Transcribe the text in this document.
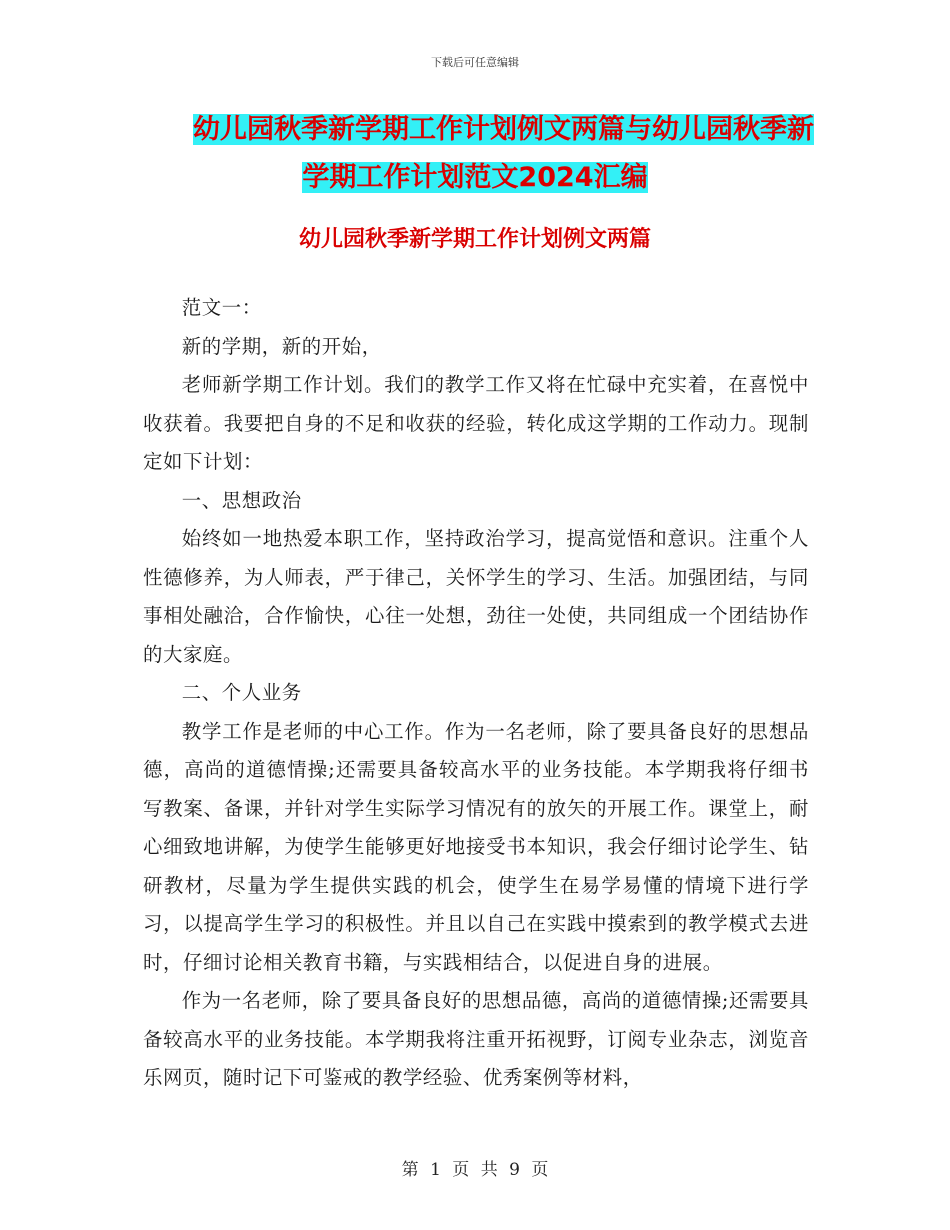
下载后可任意编辑
幼儿园秋季新学期工作计划例文两篇与幼儿园秋季新
学期工作计划范文2024汇编
幼儿园秋季新学期工作计划例文两篇

范文一：

新的学期，新的开始，

老师新学期工作计划。我们的教学工作又将在忙碌中充实着，在喜悦中收获着。我要把自身的不足和收获的经验，转化成这学期的工作动力。现制定如下计划：

一、思想政治

始终如一地热爱本职工作，坚持政治学习，提高觉悟和意识。注重个人性德修养，为人师表，严于律己，关怀学生的学习、生活。加强团结，与同事相处融洽，合作愉快，心往一处想，劲往一处使，共同组成一个团结协作的大家庭。

二、个人业务

教学工作是老师的中心工作。作为一名老师，除了要具备良好的思想品德，高尚的道德情操;还需要具备较高水平的业务技能。本学期我将仔细书写教案、备课，并针对学生实际学习情况有的放矢的开展工作。课堂上，耐心细致地讲解，为使学生能够更好地接受书本知识，我会仔细讨论学生、钻研教材，尽量为学生提供实践的机会，使学生在易学易懂的情境下进行学习，以提高学生学习的积极性。并且以自己在实践中摸索到的教学模式去进时，仔细讨论相关教育书籍，与实践相结合，以促进自身的进展。

作为一名老师，除了要具备良好的思想品德，高尚的道德情操;还需要具备较高水平的业务技能。本学期我将注重开拓视野，订阅专业杂志，浏览音乐网页，随时记下可鉴戒的教学经验、优秀案例等材料，

第 1 页 共 9 页
